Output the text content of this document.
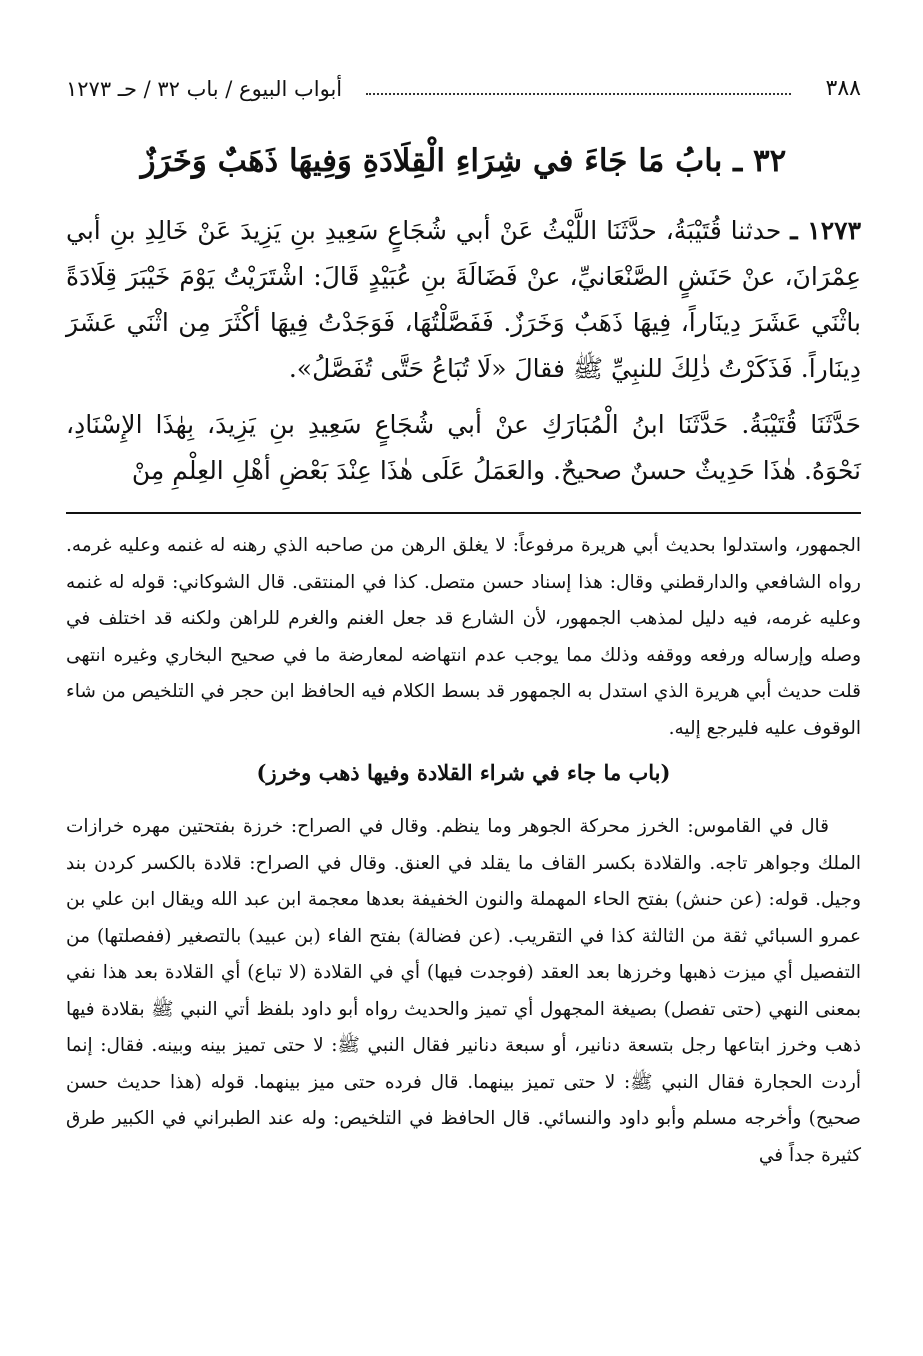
٣٨٨
أبواب البيوع / باب ٣٢ / حـ ١٢٧٣
٣٢ ـ بابُ مَا جَاءَ في شِرَاءِ الْقِلَادَةِ وَفِيهَا ذَهَبٌ وَخَرَزٌ

١٢٧٣ ـ حدثنا قُتَيْبَةُ، حدَّثَنَا اللَّيْثُ عَنْ أبي شُجَاعٍ سَعِيدِ بنِ يَزِيدَ عَنْ خَالِدِ بنِ أبي عِمْرَانَ، عنْ حَنَشٍ الصَّنْعَانيِّ، عنْ فَضَالَةَ بنِ عُبَيْدٍ قَالَ: اشْتَرَيْتُ يَوْمَ خَيْبَرَ قِلَادَةً باثْنَي عَشَرَ دِينَاراً، فِيهَا ذَهَبٌ وَخَرَزٌ. فَفَصَّلْتُهَا، فَوَجَدْتُ فِيهَا أكْثَرَ مِن اثْنَي عَشَرَ دِينَاراً. فَذَكَرْتُ ذٰلِكَ للنبِيِّ ﷺ فقالَ «لَا تُبَاعُ حَتَّى تُفَصَّلُ».

حَدَّثَنَا قُتَيْبَةُ. حَدَّثَنَا ابنُ الْمُبَارَكِ عنْ أبي شُجَاعٍ سَعِيدِ بنِ يَزِيدَ، بِهٰذَا الإِسْنَادِ، نَحْوَهُ. هٰذَا حَدِيثٌ حسنٌ صحيحٌ. والعَمَلُ عَلَى هٰذَا عِنْدَ بَعْضِ أهْلِ العِلْمِ مِنْ

الجمهور، واستدلوا بحديث أبي هريرة مرفوعاً: لا يغلق الرهن من صاحبه الذي رهنه له غنمه وعليه غرمه. رواه الشافعي والدارقطني وقال: هذا إسناد حسن متصل. كذا في المنتقى. قال الشوكاني: قوله له غنمه وعليه غرمه، فيه دليل لمذهب الجمهور، لأن الشارع قد جعل الغنم والغرم للراهن ولكنه قد اختلف في وصله وإرساله ورفعه ووقفه وذلك مما يوجب عدم انتهاضه لمعارضة ما في صحيح البخاري وغيره انتهى قلت حديث أبي هريرة الذي استدل به الجمهور قد بسط الكلام فيه الحافظ ابن حجر في التلخيص من شاء الوقوف عليه فليرجع إليه.

(باب ما جاء في شراء القلادة وفيها ذهب وخرز)

قال في القاموس: الخرز محركة الجوهر وما ينظم. وقال في الصراح: خرزة بفتحتين مهره خرازات الملك وجواهر تاجه. والقلادة بكسر القاف ما يقلد في العنق. وقال في الصراح: قلادة بالكسر كردن بند وجيل. قوله: (عن حنش) بفتح الحاء المهملة والنون الخفيفة بعدها معجمة ابن عبد الله ويقال ابن علي بن عمرو السبائي ثقة من الثالثة كذا في التقريب. (عن فضالة) بفتح الفاء (بن عبيد) بالتصغير (ففصلتها) من التفصيل أي ميزت ذهبها وخرزها بعد العقد (فوجدت فيها) أي في القلادة (لا تباع) أي القلادة بعد هذا نفي بمعنى النهي (حتى تفصل) بصيغة المجهول أي تميز والحديث رواه أبو داود بلفظ أتي النبي ﷺ بقلادة فيها ذهب وخرز ابتاعها رجل بتسعة دنانير، أو سبعة دنانير فقال النبي ﷺ: لا حتى تميز بينه وبينه. فقال: إنما أردت الحجارة فقال النبي ﷺ: لا حتى تميز بينهما. قال فرده حتى ميز بينهما. قوله (هذا حديث حسن صحيح) وأخرجه مسلم وأبو داود والنسائي. قال الحافظ في التلخيص: وله عند الطبراني في الكبير طرق كثيرة جداً في
